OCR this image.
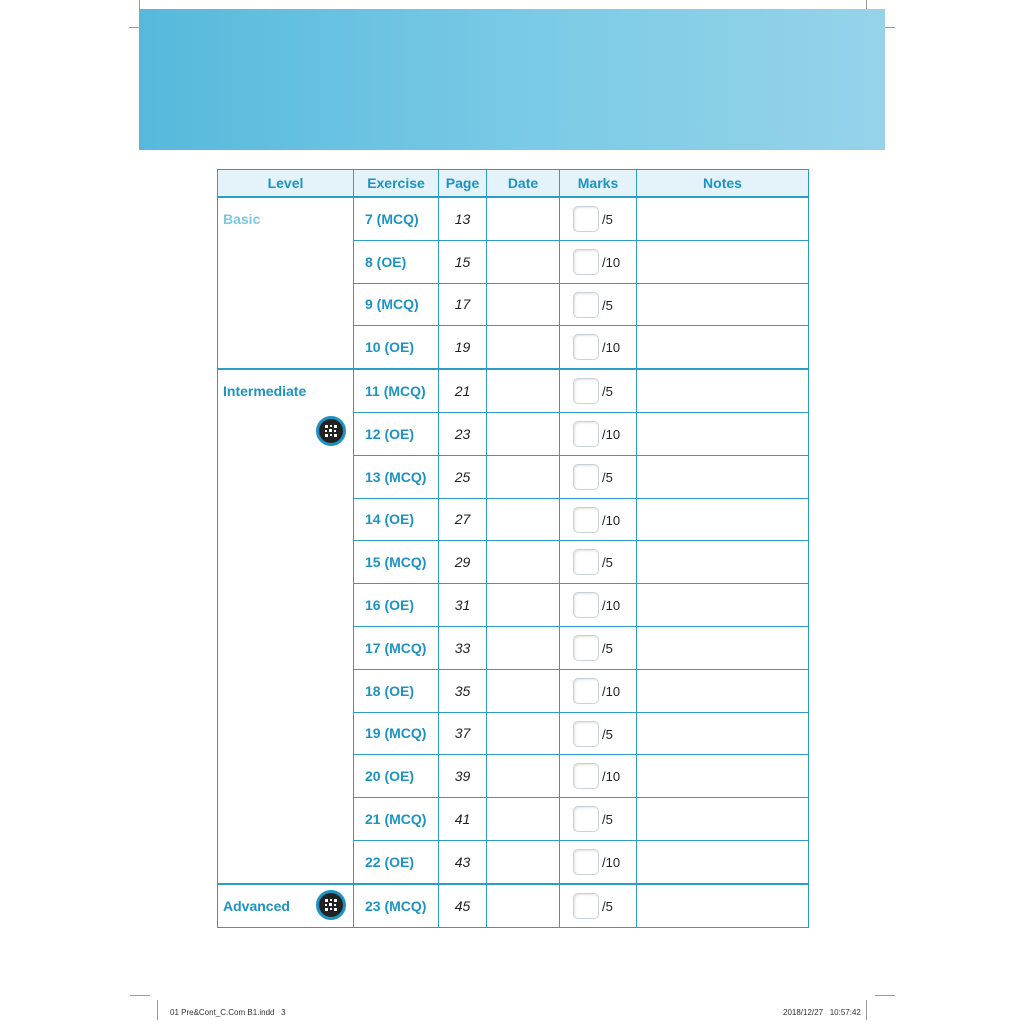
Level	Exercise	Page	Date	Marks	Notes

Basic	7 (MCQ)	13		/5	

	8 (OE)	15		/10	

	9 (MCQ)	17		/5	

	10 (OE)	19		/10	

Intermediate	11 (MCQ)	21		/5	

	12 (OE)	23		/10	

	13 (MCQ)	25		/5	

	14 (OE)	27		/10	

	15 (MCQ)	29		/5	

	16 (OE)	31		/10	

	17 (MCQ)	33		/5	

	18 (OE)	35		/10	

	19 (MCQ)	37		/5	

	20 (OE)	39		/10	

	21 (MCQ)	41		/5	

	22 (OE)	43		/10	

Advanced	23 (MCQ)	45		/5	

01 Pre&Cont_C.Com B1.indd   3	2018/12/27   10:57:42
